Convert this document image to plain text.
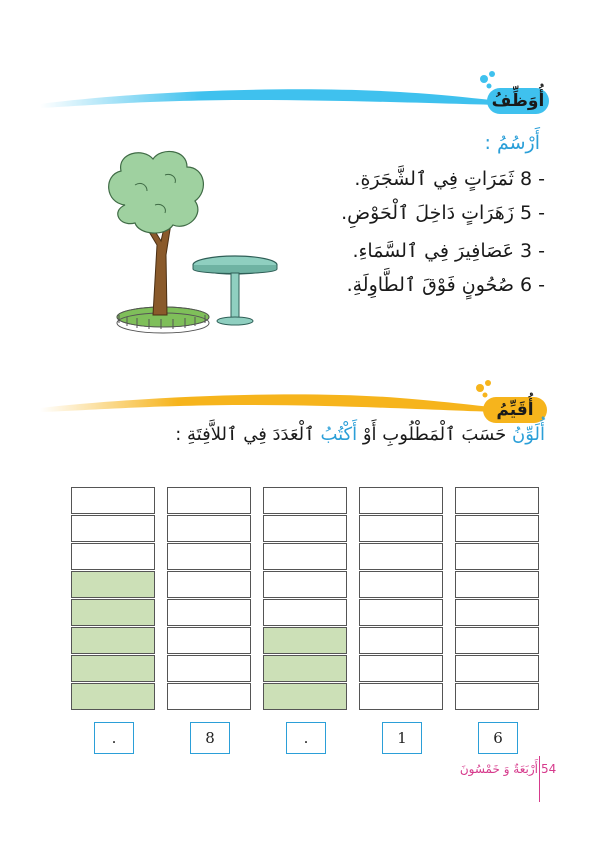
أُوَظِّفُ
أُقَيِّمُ
أَرْسُمُ :
- 8 ثَمَرَاتٍ فِي ٱلشَّجَرَةِ.
- 5 زَهَرَاتٍ دَاخِلَ ٱلْحَوْضِ.
- 3 عَصَافِيرَ فِي ٱلسَّمَاءِ.
- 6 صُحُونٍ فَوْقَ ٱلطَّاوِلَةِ.
أُلَوِّنُ حَسَبَ ٱلْمَطْلُوبِ أَوْ أَكْتُبُ ٱلْعَدَدَ فِي ٱللاَّفِتَةِ :
.	8	.	1	6
54
أَرْبَعَةٌ وَ خَمْسُونَ
